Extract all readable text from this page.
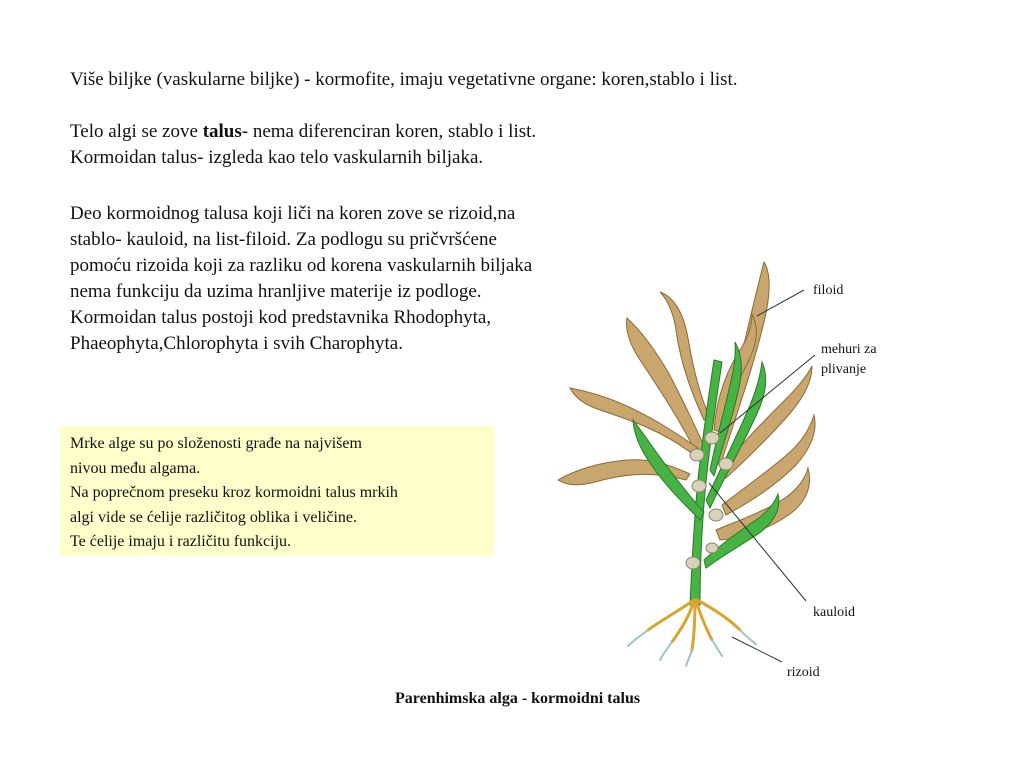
Više biljke (vaskularne biljke) - kormofite, imaju vegetativne organe: koren,stablo i list.
Telo algi se zove talus- nema diferenciran koren, stablo i list.
Kormoidan talus- izgleda kao telo vaskularnih biljaka.
Deo kormoidnog talusa koji liči na koren zove se rizoid,na
stablo- kauloid, na list-filoid. Za podlogu su pričvršćene
pomoću rizoida koji za razliku od korena vaskularnih biljaka
nema funkciju da uzima hranljive materije iz podloge.
Kormoidan talus postoji kod predstavnika Rhodophyta,
Phaeophyta,Chlorophyta i svih Charophyta.
Mrke alge su po složenosti građe na najvišem
nivou među algama.
Na poprečnom preseku kroz kormoidni talus mrkih
algi vide se ćelije različitog oblika i veličine.
Te ćelije imaju i različitu funkciju.
filoid
mehuri za
plivanje
kauloid
rizoid
Parenhimska alga - kormoidni talus
